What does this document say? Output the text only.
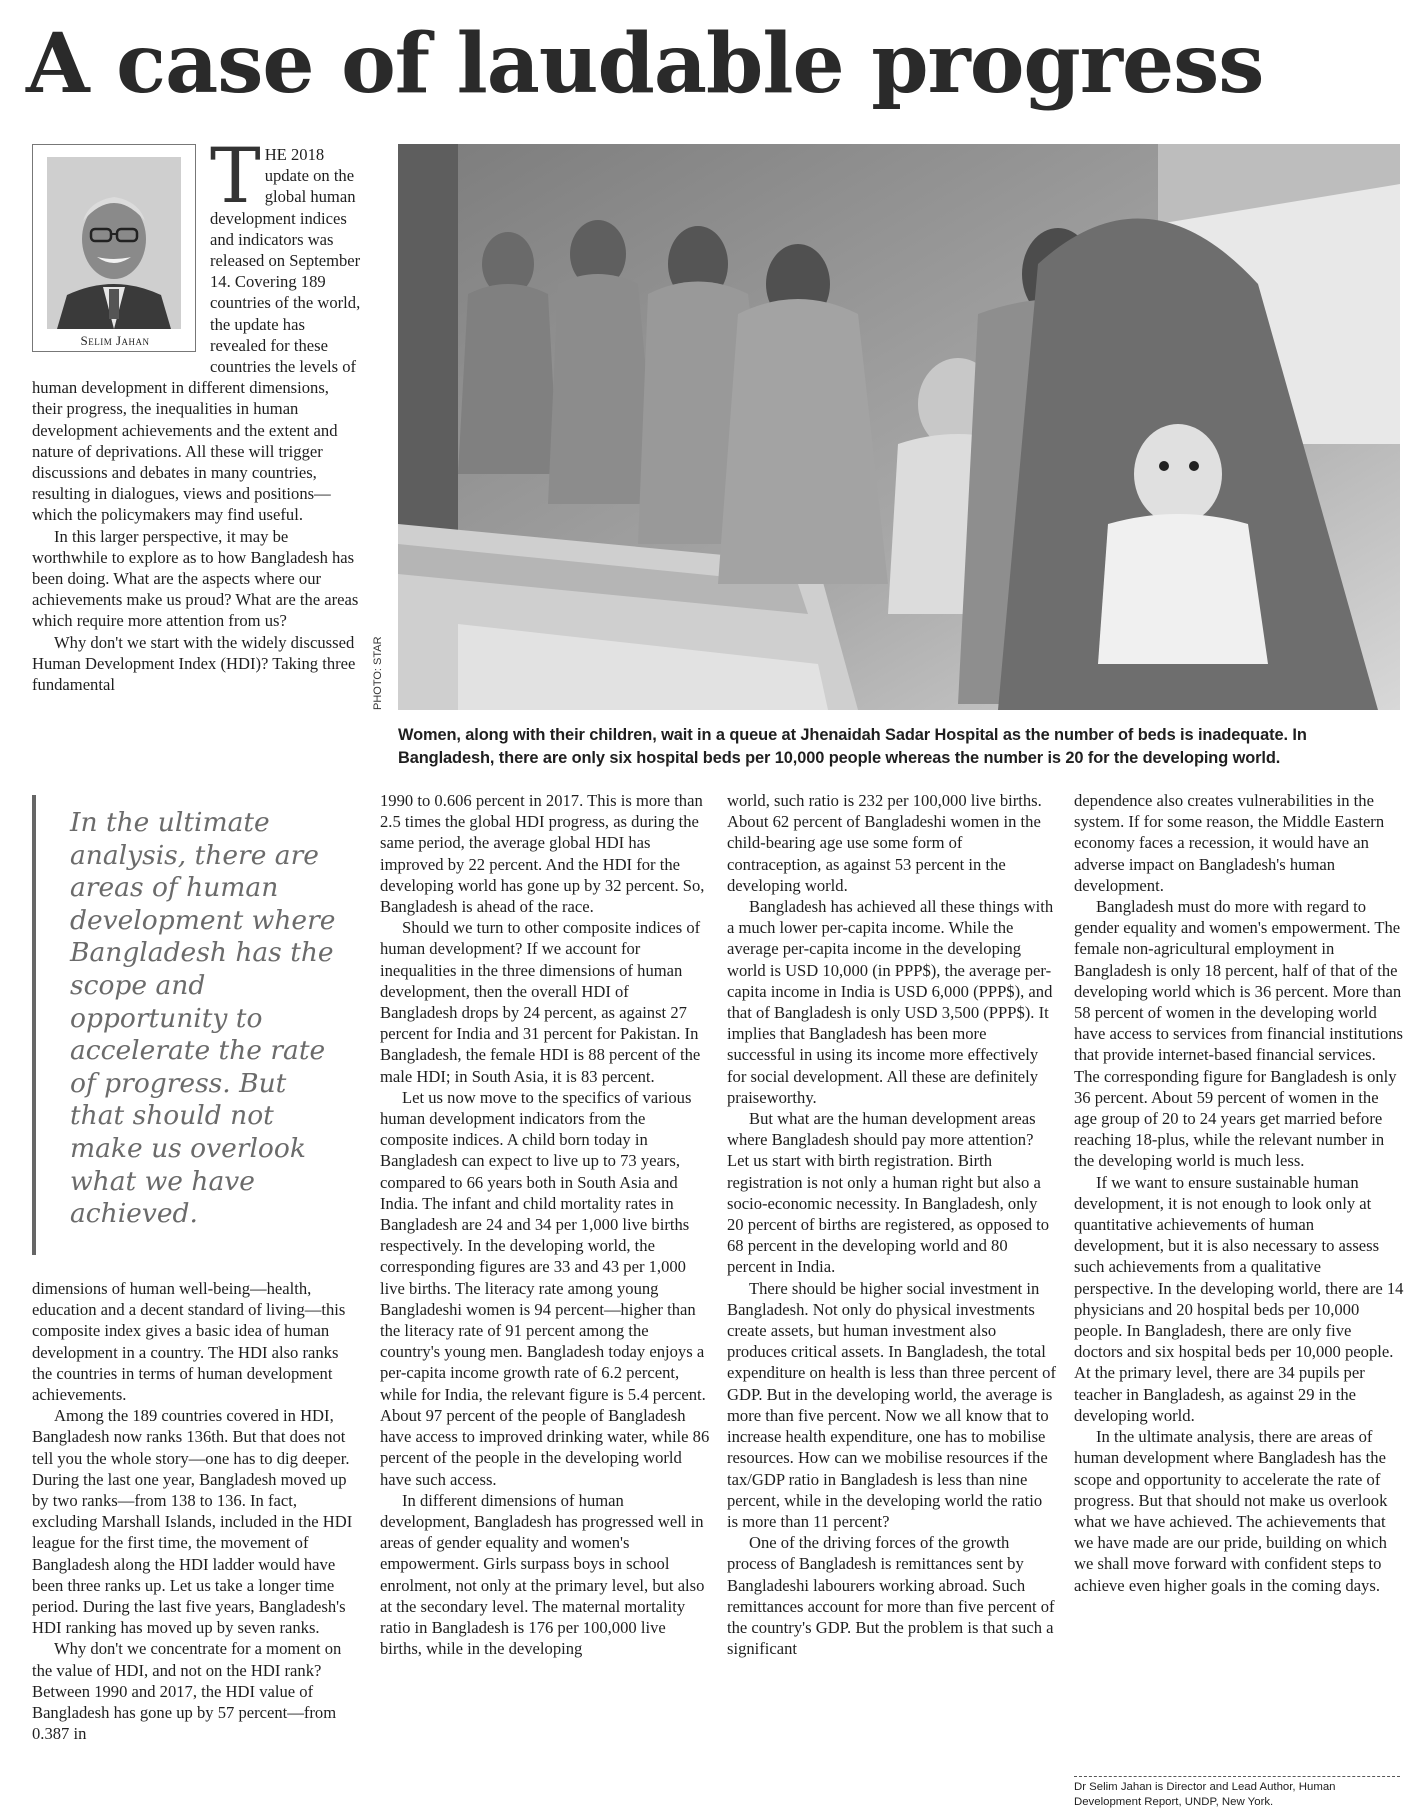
A case of laudable progress
Selim Jahan

THE 2018 update on the global human development indices and indicators was released on September 14. Covering 189 countries of the world, the update has revealed for these countries the levels of human development in different dimensions, their progress, the inequalities in human development achievements and the extent and nature of deprivations. All these will trigger discussions and debates in many countries, resulting in dialogues, views and positions—which the policymakers may find useful.

In this larger perspective, it may be worthwhile to explore as to how Bangladesh has been doing. What are the aspects where our achievements make us proud? What are the areas which require more attention from us?

Why don't we start with the widely discussed Human Development Index (HDI)? Taking three fundamental	PHOTO: STAR
Women, along with their children, wait in a queue at Jhenaidah Sadar Hospital as the number of beds is inadequate. In Bangladesh, there are only six hospital beds per 10,000 people whereas the number is 20 for the developing world.
In the ultimate analysis, there are areas of human development where Bangladesh has the scope and opportunity to accelerate the rate of progress. But that should not make us overlook what we have achieved.

dimensions of human well-being—health, education and a decent standard of living—this composite index gives a basic idea of human development in a country. The HDI also ranks the countries in terms of human development achievements.

Among the 189 countries covered in HDI, Bangladesh now ranks 136th. But that does not tell you the whole story—one has to dig deeper. During the last one year, Bangladesh moved up by two ranks—from 138 to 136. In fact, excluding Marshall Islands, included in the HDI league for the first time, the movement of Bangladesh along the HDI ladder would have been three ranks up. Let us take a longer time period. During the last five years, Bangladesh's HDI ranking has moved up by seven ranks.

Why don't we concentrate for a moment on the value of HDI, and not on the HDI rank? Between 1990 and 2017, the HDI value of Bangladesh has gone up by 57 percent—from 0.387 in

1990 to 0.606 percent in 2017. This is more than 2.5 times the global HDI progress, as during the same period, the average global HDI has improved by 22 percent. And the HDI for the developing world has gone up by 32 percent. So, Bangladesh is ahead of the race.

Should we turn to other composite indices of human development? If we account for inequalities in the three dimensions of human development, then the overall HDI of Bangladesh drops by 24 percent, as against 27 percent for India and 31 percent for Pakistan. In Bangladesh, the female HDI is 88 percent of the male HDI; in South Asia, it is 83 percent.

Let us now move to the specifics of various human development indicators from the composite indices. A child born today in Bangladesh can expect to live up to 73 years, compared to 66 years both in South Asia and India. The infant and child mortality rates in Bangladesh are 24 and 34 per 1,000 live births respectively. In the developing world, the corresponding figures are 33 and 43 per 1,000 live births. The literacy rate among young Bangladeshi women is 94 percent—higher than the literacy rate of 91 percent among the country's young men. Bangladesh today enjoys a per-capita income growth rate of 6.2 percent, while for India, the relevant figure is 5.4 percent. About 97 percent of the people of Bangladesh have access to improved drinking water, while 86 percent of the people in the developing world have such access.

In different dimensions of human development, Bangladesh has progressed well in areas of gender equality and women's empowerment. Girls surpass boys in school enrolment, not only at the primary level, but also at the secondary level. The maternal mortality ratio in Bangladesh is 176 per 100,000 live births, while in the developing

world, such ratio is 232 per 100,000 live births. About 62 percent of Bangladeshi women in the child-bearing age use some form of contraception, as against 53 percent in the developing world.

Bangladesh has achieved all these things with a much lower per-capita income. While the average per-capita income in the developing world is USD 10,000 (in PPP$), the average per-capita income in India is USD 6,000 (PPP$), and that of Bangladesh is only USD 3,500 (PPP$). It implies that Bangladesh has been more successful in using its income more effectively for social development. All these are definitely praiseworthy.

But what are the human development areas where Bangladesh should pay more attention? Let us start with birth registration. Birth registration is not only a human right but also a socio-economic necessity. In Bangladesh, only 20 percent of births are registered, as opposed to 68 percent in the developing world and 80 percent in India.

There should be higher social investment in Bangladesh. Not only do physical investments create assets, but human investment also produces critical assets. In Bangladesh, the total expenditure on health is less than three percent of GDP. But in the developing world, the average is more than five percent. Now we all know that to increase health expenditure, one has to mobilise resources. How can we mobilise resources if the tax/GDP ratio in Bangladesh is less than nine percent, while in the developing world the ratio is more than 11 percent?

One of the driving forces of the growth process of Bangladesh is remittances sent by Bangladeshi labourers working abroad. Such remittances account for more than five percent of the country's GDP. But the problem is that such a significant

dependence also creates vulnerabilities in the system. If for some reason, the Middle Eastern economy faces a recession, it would have an adverse impact on Bangladesh's human development.

Bangladesh must do more with regard to gender equality and women's empowerment. The female non-agricultural employment in Bangladesh is only 18 percent, half of that of the developing world which is 36 percent. More than 58 percent of women in the developing world have access to services from financial institutions that provide internet-based financial services. The corresponding figure for Bangladesh is only 36 percent. About 59 percent of women in the age group of 20 to 24 years get married before reaching 18-plus, while the relevant number in the developing world is much less.

If we want to ensure sustainable human development, it is not enough to look only at quantitative achievements of human development, but it is also necessary to assess such achievements from a qualitative perspective. In the developing world, there are 14 physicians and 20 hospital beds per 10,000 people. In Bangladesh, there are only five doctors and six hospital beds per 10,000 people. At the primary level, there are 34 pupils per teacher in Bangladesh, as against 29 in the developing world.

In the ultimate analysis, there are areas of human development where Bangladesh has the scope and opportunity to accelerate the rate of progress. But that should not make us overlook what we have achieved. The achievements that we have made are our pride, building on which we shall move forward with confident steps to achieve even higher goals in the coming days.

Dr Selim Jahan is Director and Lead Author, Human Development Report, UNDP, New York.
